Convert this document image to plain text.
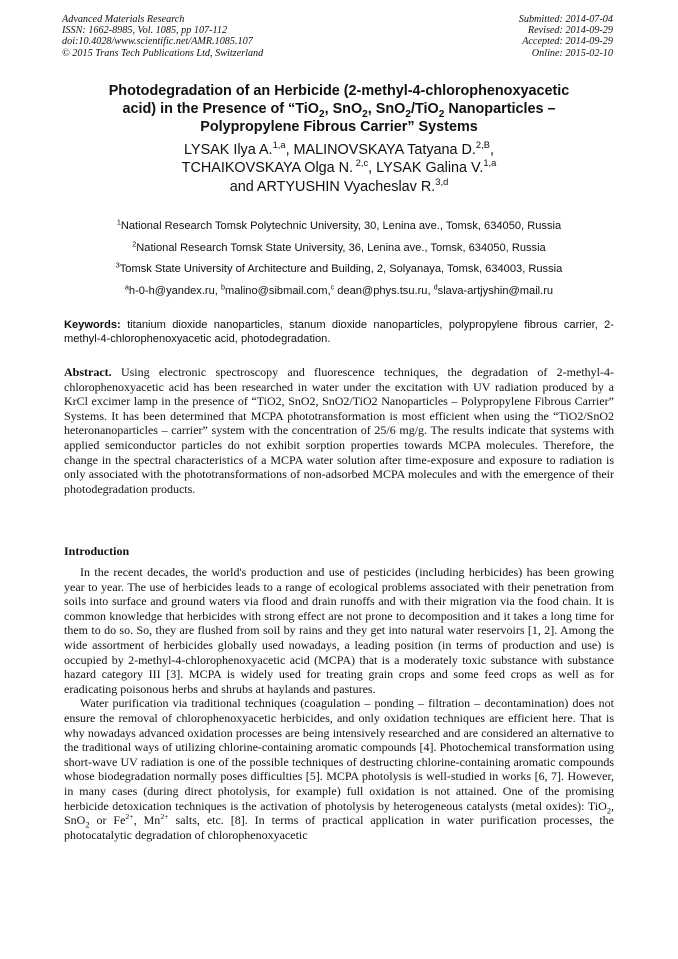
Advanced Materials Research
ISSN: 1662-8985, Vol. 1085, pp 107-112
doi:10.4028/www.scientific.net/AMR.1085.107
© 2015 Trans Tech Publications Ltd, Switzerland
Submitted: 2014-07-04
Revised: 2014-09-29
Accepted: 2014-09-29
Online: 2015-02-10
Photodegradation of an Herbicide (2-methyl-4-chlorophenoxyacetic
acid) in the Presence of “TiO$_2$, SnO$_2$, SnO$_2$/TiO$_2$ Nanoparticles –
Polypropylene Fibrous Carrier” Systems
LYSAK Ilya A.$^{1,a}$, MALINOVSKAYA Tatyana D.$^{2,B}$,
TCHAIKOVSKAYA Olga N. $^{2,c}$, LYSAK Galina V.$^{1,a}$
and ARTYUSHIN Vyacheslav R.$^{3,d}$
$^1$National Research Tomsk Polytechnic University, 30, Lenina ave., Tomsk, 634050, Russia
$^2$National Research Tomsk State University, 36, Lenina ave., Tomsk, 634050, Russia
$^3$Tomsk State University of Architecture and Building, 2, Solyanaya, Tomsk, 634003, Russia
$^a$h-0-h@yandex.ru, $^b$malino@sibmail.com,$^c$ dean@phys.tsu.ru, $^d$slava-artjyshin@mail.ru
Keywords: titanium dioxide nanoparticles, stanum dioxide nanoparticles, polypropylene fibrous carrier, 2-methyl-4-chlorophenoxyacetic acid, photodegradation.
Abstract. Using electronic spectroscopy and fluorescence techniques, the degradation of 2-methyl-4-chlorophenoxyacetic acid has been researched in water under the excitation with UV radiation produced by a KrCl excimer lamp in the presence of “TiO2, SnO2, SnO2/TiO2 Nanoparticles – Polypropylene Fibrous Carrier” Systems. It has been determined that MCPA phototransformation is most efficient when using the “TiO2/SnO2 heteronanoparticles – carrier” system with the concentration of 25/6 mg/g. The results indicate that systems with applied semiconductor particles do not exhibit sorption properties towards MCPA molecules. Therefore, the change in the spectral characteristics of a MCPA water solution after time-exposure and exposure to radiation is only associated with the phototransformations of non-adsorbed MCPA molecules and with the emergence of their photodegradation products.
Introduction

In the recent decades, the world's production and use of pesticides (including herbicides) has been growing year to year. The use of herbicides leads to a range of ecological problems associated with their penetration from soils into surface and ground waters via flood and drain runoffs and with their migration via the food chain. It is common knowledge that herbicides with strong effect are not prone to decomposition and it takes a long time for them to do so. So, they are flushed from soil by rains and they get into natural water reservoirs [1, 2]. Among the wide assortment of herbicides globally used nowadays, a leading position (in terms of production and use) is occupied by 2-methyl-4-chlorophenoxyacetic acid (MCPA) that is a moderately toxic substance with substance hazard category III [3]. MCPA is widely used for treating grain crops and some feed crops as well as for eradicating poisonous herbs and shrubs at haylands and pastures.

Water purification via traditional techniques (coagulation – ponding – filtration – decontamination) does not ensure the removal of chlorophenoxyacetic herbicides, and only oxidation techniques are efficient here. That is why nowadays advanced oxidation processes are being intensively researched and are considered an alternative to the traditional ways of utilizing chlorine-containing aromatic compounds [4]. Photochemical transformation using short-wave UV radiation is one of the possible techniques of destructing chlorine-containing aromatic compounds whose biodegradation normally poses difficulties [5]. MCPA photolysis is well-studied in works [6, 7]. However, in many cases (during direct photolysis, for example) full oxidation is not attained. One of the promising herbicide detoxication techniques is the activation of photolysis by heterogeneous catalysts (metal oxides): TiO$_2$, SnO$_2$ or $Fe^{2+}$, $Mn^{2+}$ salts, etc. [8]. In terms of practical application in water purification processes, the photocatalytic degradation of chlorophenoxyacetic
